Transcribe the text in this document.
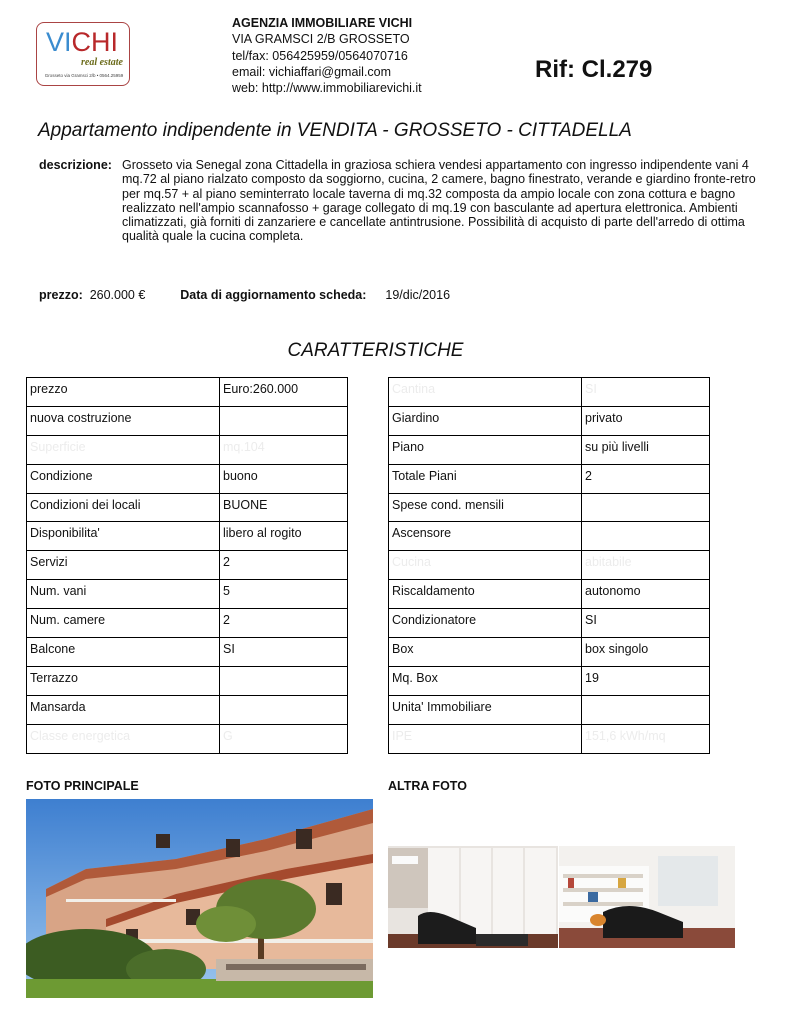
VICHI
real estate
Grosseto via Gramsci 2/b • 0564.25959
AGENZIA IMMOBILIARE VICHI
VIA GRAMSCI 2/B GROSSETO
tel/fax: 056425959/0564070716
email: vichiaffari@gmail.com
web: http://www.immobiliarevichi.it
Rif: Cl.279
Appartamento indipendente in VENDITA - GROSSETO - CITTADELLA
descrizione: Grosseto via Senegal zona Cittadella in graziosa schiera vendesi appartamento con ingresso indipendente vani 4 mq.72 al piano rialzato composto da soggiorno, cucina, 2 camere, bagno finestrato, verande e giardino fronte-retro per mq.57 + al piano seminterrato locale taverna di mq.32 composta da ampio locale con zona cottura e bagno realizzato nell'ampio scannafosso + garage collegato di mq.19 con basculante ad apertura elettronica. Ambienti climatizzati, già forniti di zanzariere e cancellate antintrusione. Possibilità di acquisto di parte dell'arredo di ottima qualità quale la cucina completa.
prezzo: 260.000 €	Data di aggiornamento scheda: 19/dic/2016
CARATTERISTICHE
prezzo	Euro:260.000
nuova costruzione	
Superficie	mq.104
Condizione	buono
Condizioni dei locali	BUONE
Disponibilita'	libero al rogito
Servizi	2
Num. vani	5
Num. camere	2
Balcone	SI
Terrazzo	
Mansarda	
Classe energetica	G
Cantina	SI
Giardino	privato
Piano	su più livelli
Totale Piani	2
Spese cond. mensili	
Ascensore	
Cucina	abitabile
Riscaldamento	autonomo
Condizionatore	SI
Box	box singolo
Mq. Box	19
Unita' Immobiliare	
IPE	151,6 kWh/mq
FOTO PRINCIPALE	ALTRA FOTO
